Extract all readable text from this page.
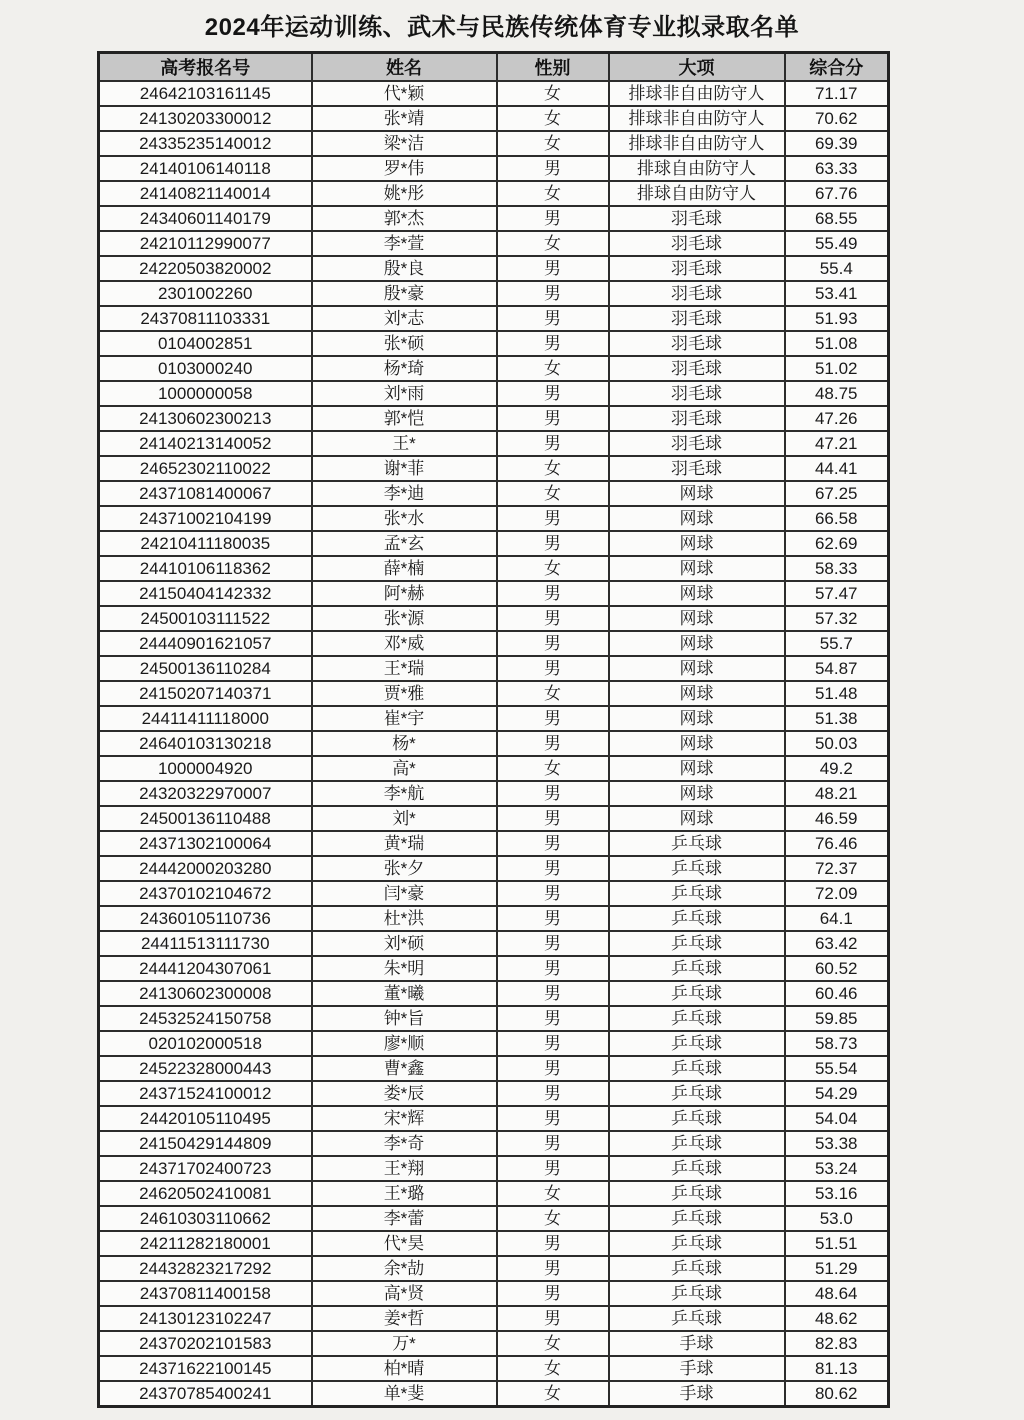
2024年运动训练、武术与民族传统体育专业拟录取名单
高考报名号	姓名	性别	大项	综合分
24642103161145	代*颖	女	排球非自由防守人	71.17
24130203300012	张*靖	女	排球非自由防守人	70.62
24335235140012	梁*洁	女	排球非自由防守人	69.39
24140106140118	罗*伟	男	排球自由防守人	63.33
24140821140014	姚*彤	女	排球自由防守人	67.76
24340601140179	郭*杰	男	羽毛球	68.55
24210112990077	李*萱	女	羽毛球	55.49
24220503820002	殷*良	男	羽毛球	55.4
2301002260	殷*豪	男	羽毛球	53.41
24370811103331	刘*志	男	羽毛球	51.93
0104002851	张*硕	男	羽毛球	51.08
0103000240	杨*琦	女	羽毛球	51.02
1000000058	刘*雨	男	羽毛球	48.75
24130602300213	郭*恺	男	羽毛球	47.26
24140213140052	王*	男	羽毛球	47.21
24652302110022	谢*菲	女	羽毛球	44.41
24371081400067	李*迪	女	网球	67.25
24371002104199	张*水	男	网球	66.58
24210411180035	孟*玄	男	网球	62.69
24410106118362	薛*楠	女	网球	58.33
24150404142332	阿*赫	男	网球	57.47
24500103111522	张*源	男	网球	57.32
24440901621057	邓*威	男	网球	55.7
24500136110284	王*瑞	男	网球	54.87
24150207140371	贾*雅	女	网球	51.48
24411411118000	崔*宇	男	网球	51.38
24640103130218	杨*	男	网球	50.03
1000004920	高*	女	网球	49.2
24320322970007	李*航	男	网球	48.21
24500136110488	刘*	男	网球	46.59
24371302100064	黄*瑞	男	乒乓球	76.46
24442000203280	张*夕	男	乒乓球	72.37
24370102104672	闫*豪	男	乒乓球	72.09
24360105110736	杜*洪	男	乒乓球	64.1
24411513111730	刘*硕	男	乒乓球	63.42
24441204307061	朱*明	男	乒乓球	60.52
24130602300008	董*曦	男	乒乓球	60.46
24532524150758	钟*旨	男	乒乓球	59.85
020102000518	廖*顺	男	乒乓球	58.73
24522328000443	曹*鑫	男	乒乓球	55.54
24371524100012	娄*辰	男	乒乓球	54.29
24420105110495	宋*辉	男	乒乓球	54.04
24150429144809	李*奇	男	乒乓球	53.38
24371702400723	王*翔	男	乒乓球	53.24
24620502410081	王*璐	女	乒乓球	53.16
24610303110662	李*蕾	女	乒乓球	53.0
24211282180001	代*昊	男	乒乓球	51.51
24432823217292	余*劼	男	乒乓球	51.29
24370811400158	高*贤	男	乒乓球	48.64
24130123102247	姜*哲	男	乒乓球	48.62
24370202101583	万*	女	手球	82.83
24371622100145	柏*晴	女	手球	81.13
24370785400241	单*斐	女	手球	80.62
